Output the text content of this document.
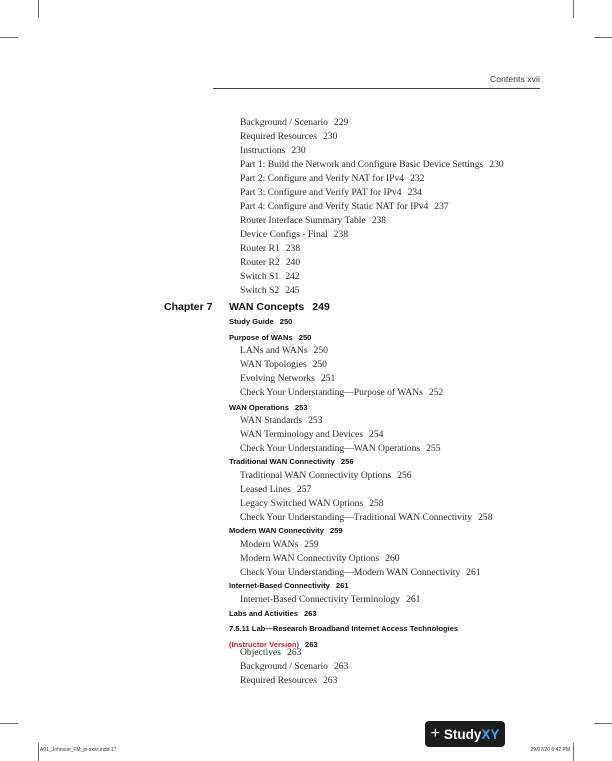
Contents xvii
Background / Scenario 229
Required Resources 230
Instructions 230
Part 1: Build the Network and Configure Basic Device Settings 230
Part 2: Configure and Verify NAT for IPv4 232
Part 3: Configure and Verify PAT for IPv4 234
Part 4: Configure and Verify Static NAT for IPv4 237
Router Interface Summary Table 238
Device Configs - Final 238
Router R1 238
Router R2 240
Switch S1 242
Switch S2 245
Chapter 7 WAN Concepts 249
Study Guide 250
Purpose of WANs 250
LANs and WANs 250
WAN Topologies 250
Evolving Networks 251
Check Your Understanding—Purpose of WANs 252
WAN Operations 253
WAN Standards 253
WAN Terminology and Devices 254
Check Your Understanding—WAN Operations 255
Traditional WAN Connectivity 256
Traditional WAN Connectivity Options 256
Leased Lines 257
Legacy Switched WAN Options 258
Check Your Understanding—Traditional WAN Connectivity 258
Modern WAN Connectivity 259
Modern WANs 259
Modern WAN Connectivity Options 260
Check Your Understanding—Modern WAN Connectivity 261
Internet-Based Connectivity 261
Internet-Based Connectivity Terminology 261
Labs and Activities 263
7.5.11 Lab—Research Broadband Internet Access Technologies
(Instructor Version) 263
Objectives 263
Background / Scenario 263
Required Resources 263
+ StudyXY
A01_Johnson_FM_pi-xxxii.indd 17	29/07/20 6:42 PM
